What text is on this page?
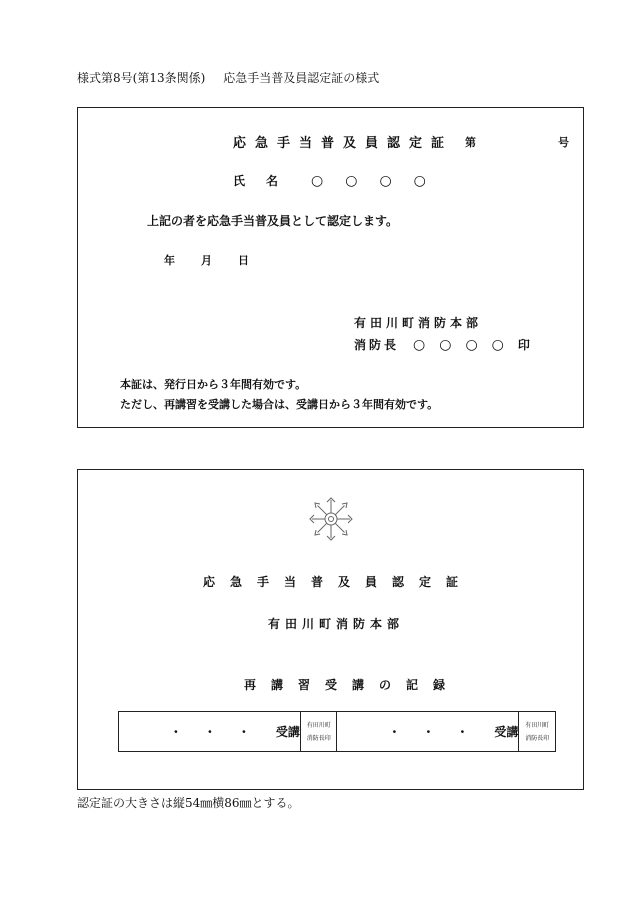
様式第8号(第13条関係) 応急手当普及員認定証の様式
応急手当普及員認定証 第	号
氏 名 ○ ○ ○ ○
上記の者を応急手当普及員として認定します。
年 月 日
有田川町消防本部
消防長 ○ ○ ○ ○ 印
本証は、発行日から３年間有効です。
ただし、再講習を受講した場合は、受講日から３年間有効です。
応急手当普及員認定証
有田川町消防本部
再講習受講の記録
・・・ 受講	有田川町
消防長印	・・・ 受講	有田川町
消防長印
認定証の大きさは縦54㎜横86㎜とする。
